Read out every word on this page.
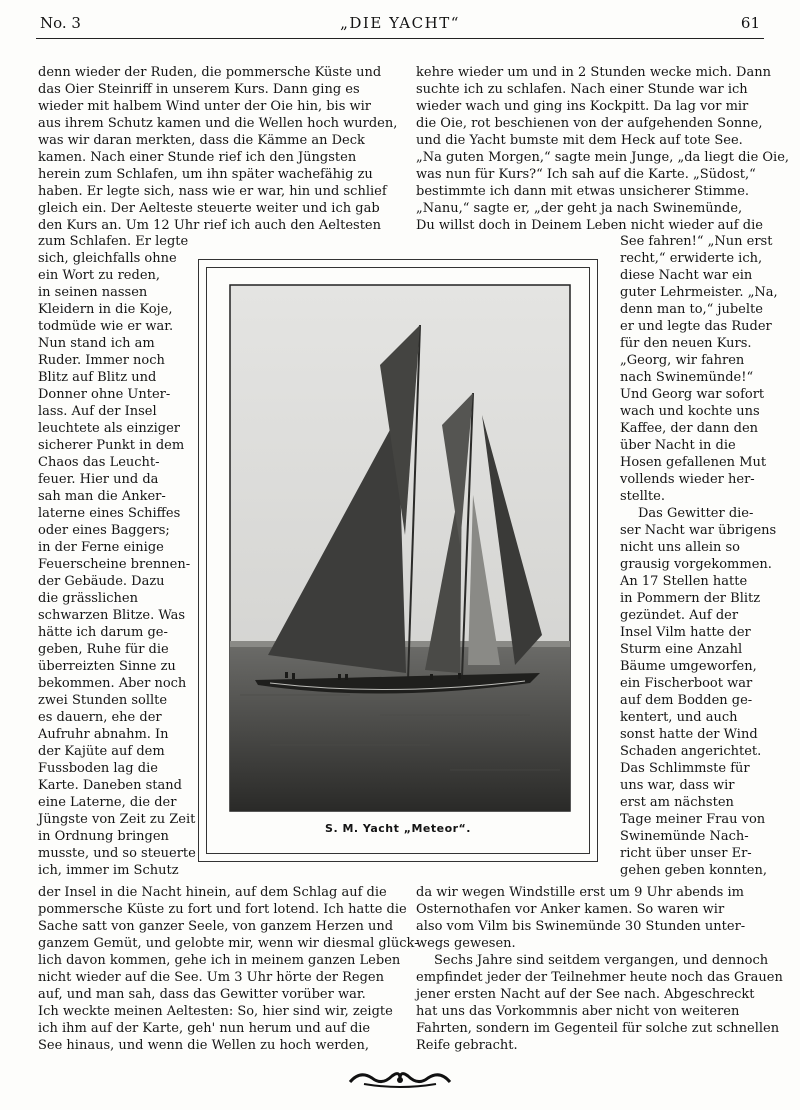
No. 3	„DIE YACHT“	61
denn wieder der Ruden, die pommersche Küste und
das Oier Steinriff in unserem Kurs. Dann ging es
wieder mit halbem Wind unter der Oie hin, bis wir
aus ihrem Schutz kamen und die Wellen hoch wurden,
was wir daran merkten, dass die Kämme an Deck
kamen. Nach einer Stunde rief ich den Jüngsten
herein zum Schlafen, um ihn später wachefähig zu
haben. Er legte sich, nass wie er war, hin und schlief
gleich ein. Der Aelteste steuerte weiter und ich gab
den Kurs an. Um 12 Uhr rief ich auch den Aeltesten
zum Schlafen. Er legte
sich, gleichfalls ohne
ein Wort zu reden,
in seinen nassen
Kleidern in die Koje,
todmüde wie er war.
Nun stand ich am
Ruder. Immer noch
Blitz auf Blitz und
Donner ohne Unter-
lass. Auf der Insel
leuchtete als einziger
sicherer Punkt in dem
Chaos das Leucht-
feuer. Hier und da
sah man die Anker-
laterne eines Schiffes
oder eines Baggers;
in der Ferne einige
Feuerscheine brennen-
der Gebäude. Dazu
die grässlichen
schwarzen Blitze. Was
hätte ich darum ge-
geben, Ruhe für die
überreizten Sinne zu
bekommen. Aber noch
zwei Stunden sollte
es dauern, ehe der
Aufruhr abnahm. In
der Kajüte auf dem
Fussboden lag die
Karte. Daneben stand
eine Laterne, die der
Jüngste von Zeit zu Zeit
in Ordnung bringen
musste, und so steuerte
ich, immer im Schutz
der Insel in die Nacht hinein, auf dem Schlag auf die
pommersche Küste zu fort und fort lotend. Ich hatte die
Sache satt von ganzer Seele, von ganzem Herzen und
ganzem Gemüt, und gelobte mir, wenn wir diesmal glück-
lich davon kommen, gehe ich in meinem ganzen Leben
nicht wieder auf die See. Um 3 Uhr hörte der Regen
auf, und man sah, dass das Gewitter vorüber war.
Ich weckte meinen Aeltesten: So, hier sind wir, zeigte
ich ihm auf der Karte, geh' nun herum und auf die
See hinaus, und wenn die Wellen zu hoch werden,
kehre wieder um und in 2 Stunden wecke mich. Dann
suchte ich zu schlafen. Nach einer Stunde war ich
wieder wach und ging ins Kockpitt. Da lag vor mir
die Oie, rot beschienen von der aufgehenden Sonne,
und die Yacht bumste mit dem Heck auf tote See.
„Na guten Morgen,“ sagte mein Junge, „da liegt die Oie,
was nun für Kurs?“ Ich sah auf die Karte. „Südost,“
bestimmte ich dann mit etwas unsicherer Stimme.
„Nanu,“ sagte er, „der geht ja nach Swinemünde,
Du willst doch in Deinem Leben nicht wieder auf die
See fahren!“ „Nun erst
recht,“ erwiderte ich,
diese Nacht war ein
guter Lehrmeister. „Na,
denn man to,“ jubelte
er und legte das Ruder
für den neuen Kurs.
„Georg, wir fahren
nach Swinemünde!“
Und Georg war sofort
wach und kochte uns
Kaffee, der dann den
über Nacht in die
Hosen gefallenen Mut
vollends wieder her-
stellte.
Das Gewitter die-
ser Nacht war übrigens
nicht uns allein so
grausig vorgekommen.
An 17 Stellen hatte
in Pommern der Blitz
gezündet. Auf der
Insel Vilm hatte der
Sturm eine Anzahl
Bäume umgeworfen,
ein Fischerboot war
auf dem Bodden ge-
kentert, und auch
sonst hatte der Wind
Schaden angerichtet.
Das Schlimmste für
uns war, dass wir
erst am nächsten
Tage meiner Frau von
Swinemünde Nach-
richt über unser Er-
gehen geben konnten,
da wir wegen Windstille erst um 9 Uhr abends im
Osternothafen vor Anker kamen. So waren wir
also vom Vilm bis Swinemünde 30 Stunden unter-
wegs gewesen.
Sechs Jahre sind seitdem vergangen, und dennoch
empfindet jeder der Teilnehmer heute noch das Grauen
jener ersten Nacht auf der See nach. Abgeschreckt
hat uns das Vorkommnis aber nicht von weiteren
Fahrten, sondern im Gegenteil für solche zut schnellen
Reife gebracht.
S. M. Yacht „Meteor“.
